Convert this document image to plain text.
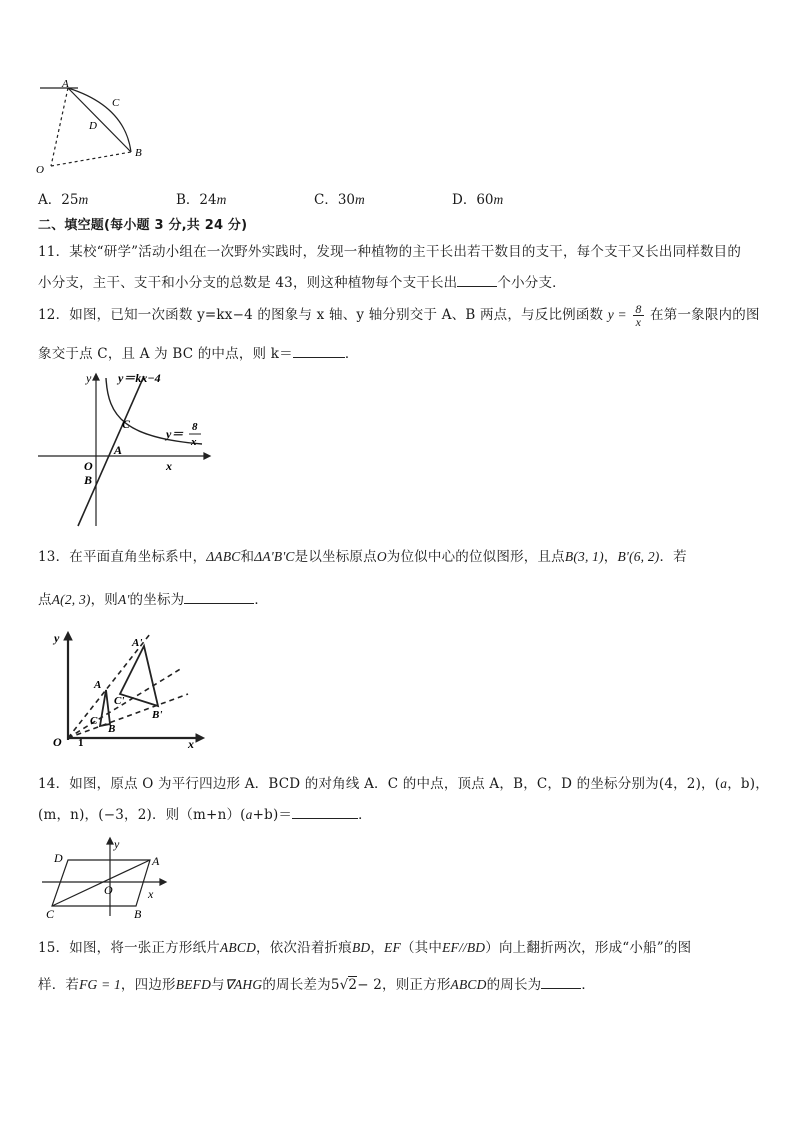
A
C
D
B
O
A．25m	B．24m	C．30m	D．60m
二、填空题(每小题 3 分,共 24 分)
11．某校“研学”活动小组在一次野外实践时，发现一种植物的主干长出若干数目的支干，每个支干又长出同样数目的
小分支，主干、支干和小分支的总数是 43，则这种植物每个支干长出	个小分支．
12．如图，已知一次函数 y=kx−4 的图象与 x 轴、y 轴分别交于 A、B 两点，与反比例函数 $y = \frac{8}{x}$ 在第一象限内的图
象交于点 C，且 A 为 BC 的中点，则 k＝	．
y y＝kx−4
y＝ 8
x
C
A
O
B
x
13．在平面直角坐标系中，ΔABC和ΔA'B'C是以坐标原点O为位似中心的位似图形，且点B(3, 1)，B'(6, 2)．若
点A(2, 3)，则A'的坐标为	．
y
O 1
A
C
B
A'
C'
B'
x
14．如图，原点 O 为平行四边形 A．BCD 的对角线 A．C 的中点，顶点 A，B，C，D 的坐标分别为(4，2)，(a，b)，
(m，n)，(−3，2)．则（m+n）(a+b)＝	．
D	A
C	B
O	x
y
15．如图，将一张正方形纸片ABCD，依次沿着折痕BD，EF（其中EF//BD）向上翻折两次，形成“小船”的图
样．若FG = 1，四边形BEFD与∇AHG的周长差为5√2− 2，则正方形ABCD的周长为	．
